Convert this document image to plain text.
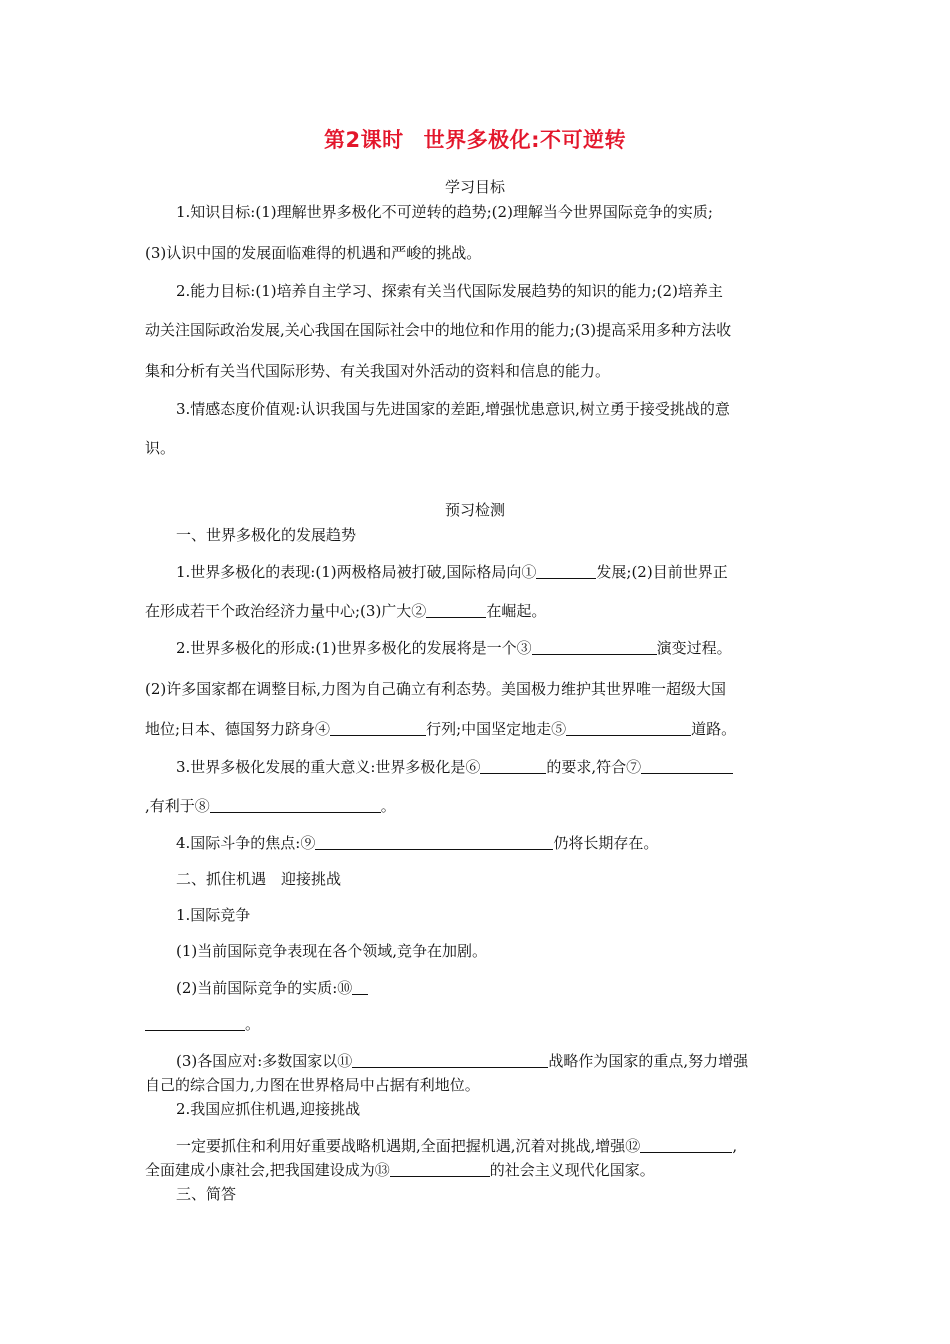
第2课时 世界多极化:不可逆转
学习目标
1.知识目标:(1)理解世界多极化不可逆转的趋势;(2)理解当今世界国际竞争的实质;
(3)认识中国的发展面临难得的机遇和严峻的挑战。
2.能力目标:(1)培养自主学习、探索有关当代国际发展趋势的知识的能力;(2)培养主
动关注国际政治发展,关心我国在国际社会中的地位和作用的能力;(3)提高采用多种方法收
集和分析有关当代国际形势、有关我国对外活动的资料和信息的能力。
3.情感态度价值观:认识我国与先进国家的差距,增强忧患意识,树立勇于接受挑战的意
识。
预习检测
一、世界多极化的发展趋势
1.世界多极化的表现:(1)两极格局被打破,国际格局向①	发展;(2)目前世界正
在形成若干个政治经济力量中心;(3)广大②	在崛起。
2.世界多极化的形成:(1)世界多极化的发展将是一个③	演变过程。
(2)许多国家都在调整目标,力图为自己确立有利态势。美国极力维护其世界唯一超级大国
地位;日本、德国努力跻身④	行列;中国坚定地走⑤	道路。
3.世界多极化发展的重大意义:世界多极化是⑥	的要求,符合⑦
,有利于⑧	。
4.国际斗争的焦点:⑨	仍将长期存在。
二、抓住机遇　迎接挑战
1.国际竞争
(1)当前国际竞争表现在各个领域,竞争在加剧。
(2)当前国际竞争的实质:⑩
。
(3)各国应对:多数国家以⑪	战略作为国家的重点,努力增强
自己的综合国力,力图在世界格局中占据有利地位。
2.我国应抓住机遇,迎接挑战
一定要抓住和利用好重要战略机遇期,全面把握机遇,沉着对挑战,增强⑫	,
全面建成小康社会,把我国建设成为⑬	的社会主义现代化国家。
三、简答
